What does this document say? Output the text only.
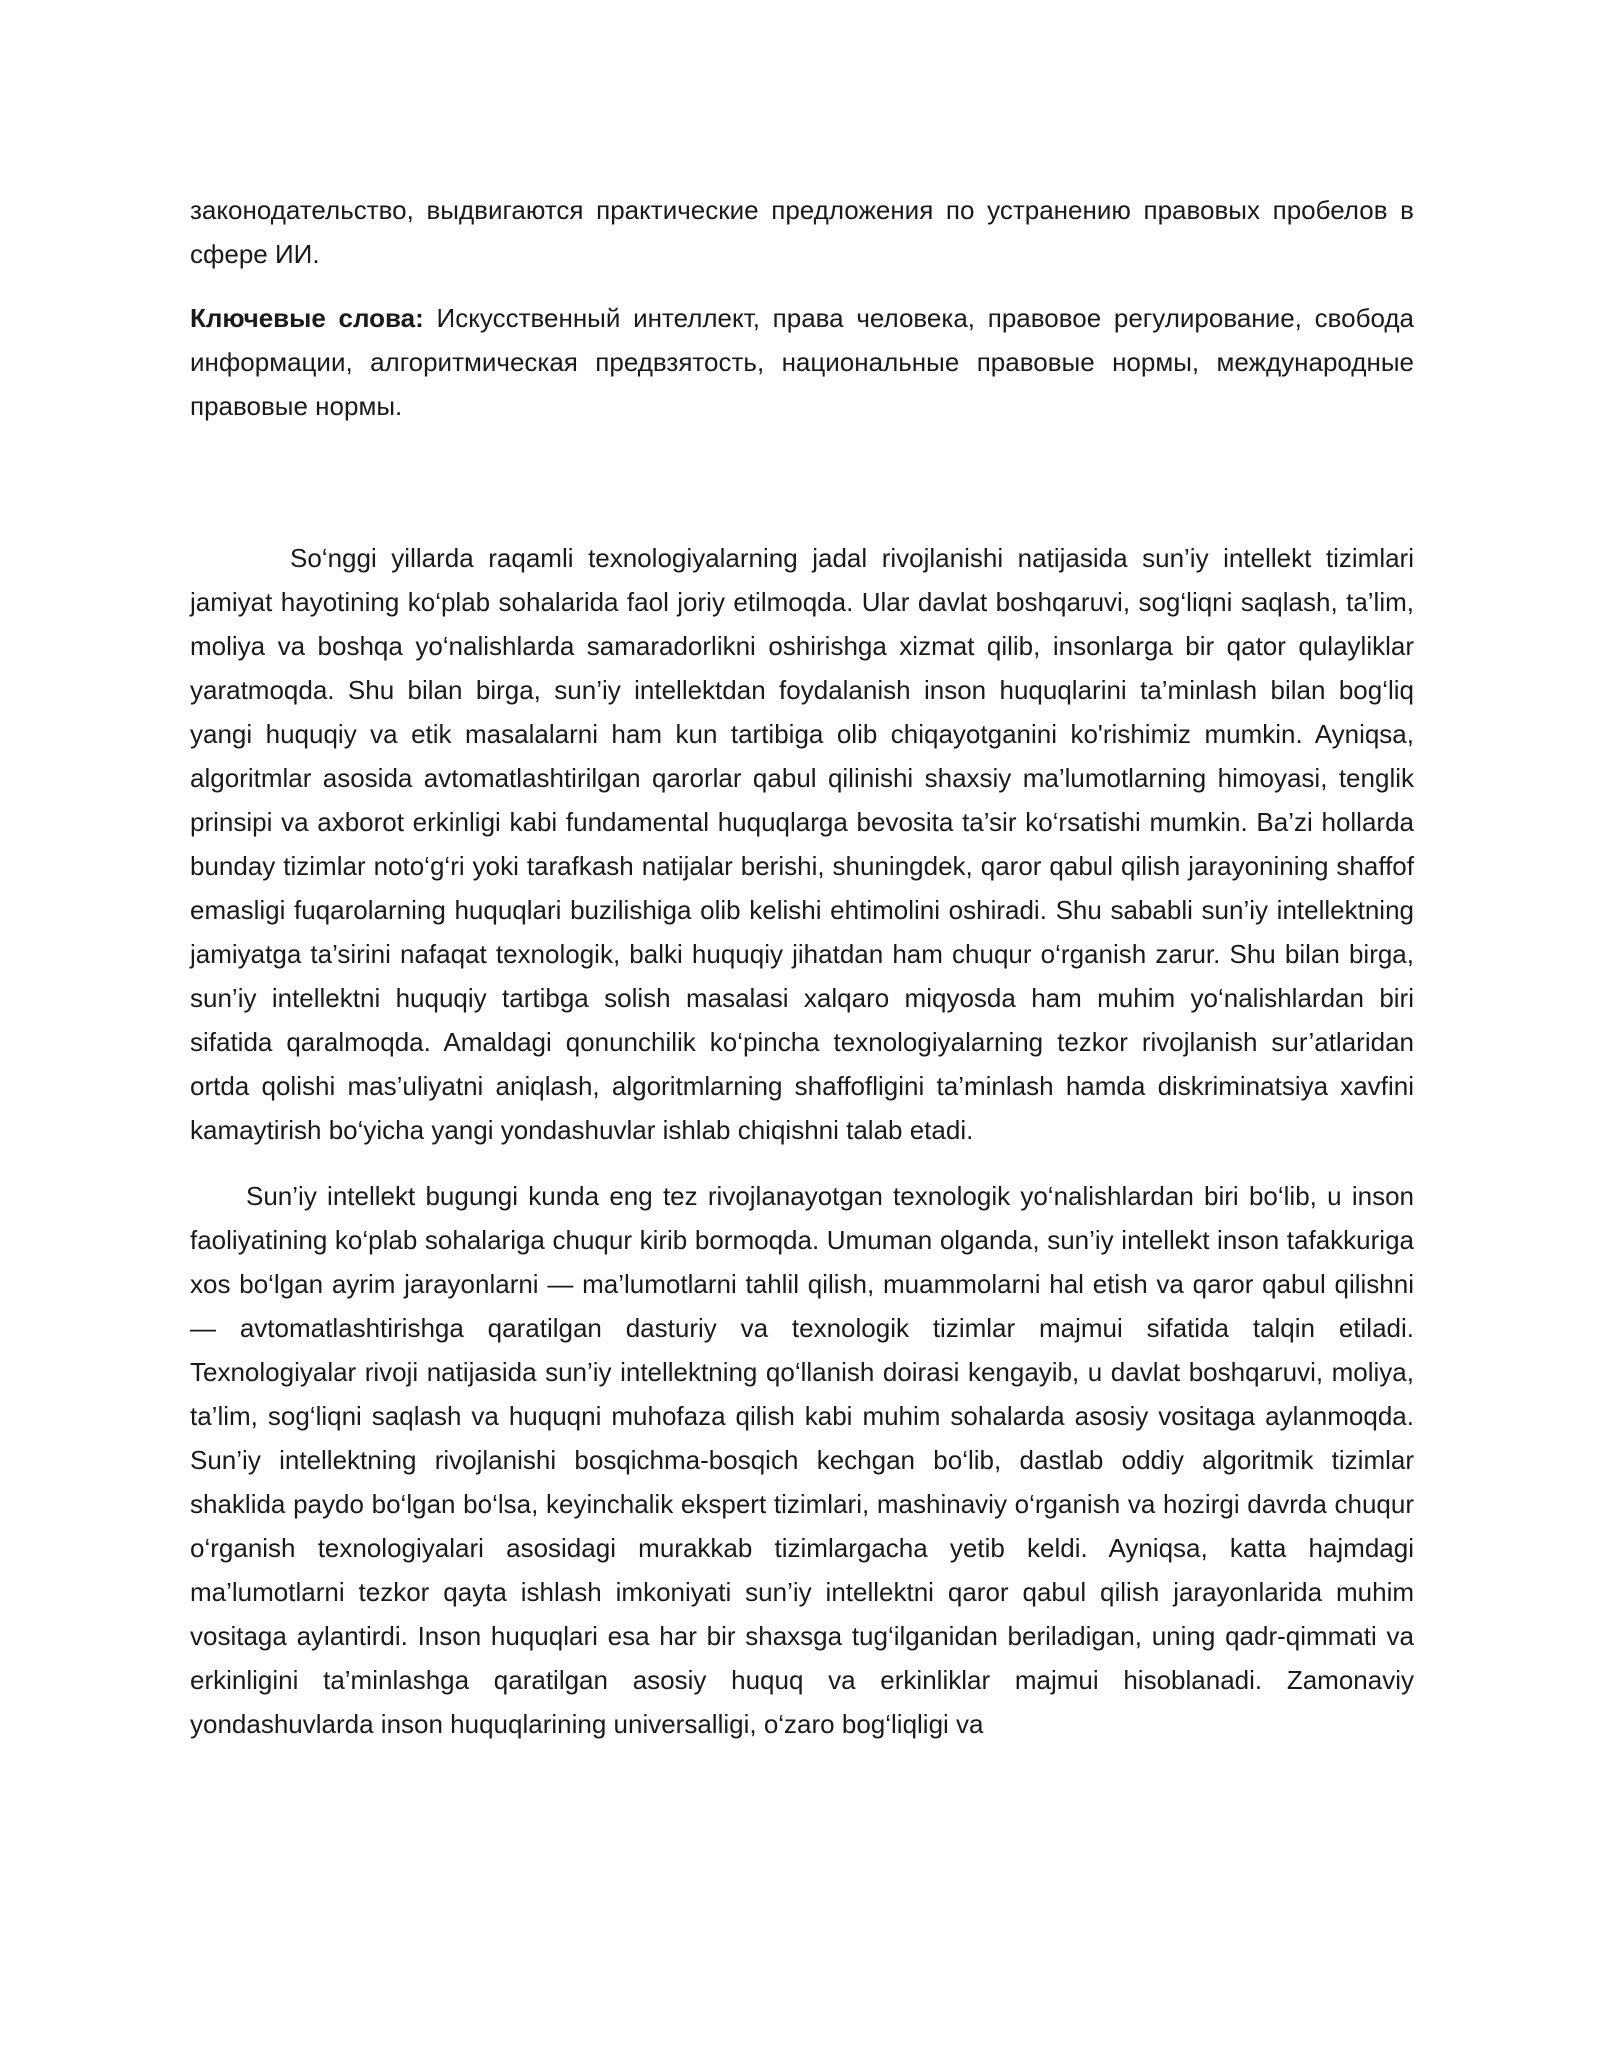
законодательство, выдвигаются практические предложения по устранению правовых пробелов в сфере ИИ.

Ключевые слова: Искусственный интеллект, права человека, правовое регулирование, свобода информации, алгоритмическая предвзятость, национальные правовые нормы, международные правовые нормы.

So‘nggi yillarda raqamli texnologiyalarning jadal rivojlanishi natijasida sun’iy intellekt tizimlari jamiyat hayotining ko‘plab sohalarida faol joriy etilmoqda. Ular davlat boshqaruvi, sog‘liqni saqlash, ta’lim, moliya va boshqa yo‘nalishlarda samaradorlikni oshirishga xizmat qilib, insonlarga bir qator qulayliklar yaratmoqda. Shu bilan birga, sun’iy intellektdan foydalanish inson huquqlarini ta’minlash bilan bog‘liq yangi huquqiy va etik masalalarni ham kun tartibiga olib chiqayotganini ko'rishimiz mumkin. Ayniqsa, algoritmlar asosida avtomatlashtirilgan qarorlar qabul qilinishi shaxsiy ma’lumotlarning himoyasi, tenglik prinsipi va axborot erkinligi kabi fundamental huquqlarga bevosita ta’sir ko‘rsatishi mumkin. Ba’zi hollarda bunday tizimlar noto‘g‘ri yoki tarafkash natijalar berishi, shuningdek, qaror qabul qilish jarayonining shaffof emasligi fuqarolarning huquqlari buzilishiga olib kelishi ehtimolini oshiradi. Shu sababli sun’iy intellektning jamiyatga ta’sirini nafaqat texnologik, balki huquqiy jihatdan ham chuqur o‘rganish zarur. Shu bilan birga, sun’iy intellektni huquqiy tartibga solish masalasi xalqaro miqyosda ham muhim yo‘nalishlardan biri sifatida qaralmoqda. Amaldagi qonunchilik ko‘pincha texnologiyalarning tezkor rivojlanish sur’atlaridan ortda qolishi mas’uliyatni aniqlash, algoritmlarning shaffofligini ta’minlash hamda diskriminatsiya xavfini kamaytirish bo‘yicha yangi yondashuvlar ishlab chiqishni talab etadi.

Sun’iy intellekt bugungi kunda eng tez rivojlanayotgan texnologik yo‘nalishlardan biri bo‘lib, u inson faoliyatining ko‘plab sohalariga chuqur kirib bormoqda. Umuman olganda, sun’iy intellekt inson tafakkuriga xos bo‘lgan ayrim jarayonlarni — ma’lumotlarni tahlil qilish, muammolarni hal etish va qaror qabul qilishni — avtomatlashtirishga qaratilgan dasturiy va texnologik tizimlar majmui sifatida talqin etiladi. Texnologiyalar rivoji natijasida sun’iy intellektning qo‘llanish doirasi kengayib, u davlat boshqaruvi, moliya, ta’lim, sog‘liqni saqlash va huquqni muhofaza qilish kabi muhim sohalarda asosiy vositaga aylanmoqda. Sun’iy intellektning rivojlanishi bosqichma-bosqich kechgan bo‘lib, dastlab oddiy algoritmik tizimlar shaklida paydo bo‘lgan bo‘lsa, keyinchalik ekspert tizimlari, mashinaviy o‘rganish va hozirgi davrda chuqur o‘rganish texnologiyalari asosidagi murakkab tizimlargacha yetib keldi. Ayniqsa, katta hajmdagi ma’lumotlarni tezkor qayta ishlash imkoniyati sun’iy intellektni qaror qabul qilish jarayonlarida muhim vositaga aylantirdi. Inson huquqlari esa har bir shaxsga tug‘ilganidan beriladigan, uning qadr-qimmati va erkinligini ta’minlashga qaratilgan asosiy huquq va erkinliklar majmui hisoblanadi. Zamonaviy yondashuvlarda inson huquqlarining universalligi, o‘zaro bog‘liqligi va
